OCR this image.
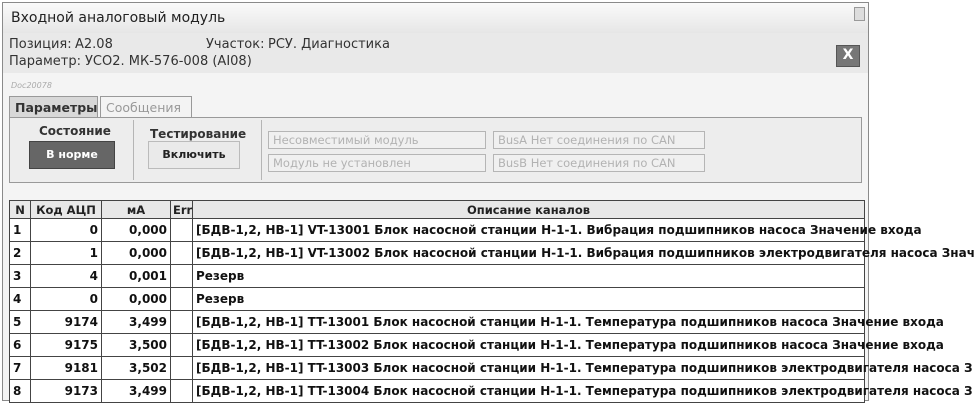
Входной аналоговый модуль
Позиция: A2.08	Участок: РСУ. Диагностика
Параметр: УСО2. МК-576-008 (AI08)	X
Doc20078
Параметры Сообщения
Состояние
В норме
Тестирование
Включить
Несовместимый модуль
Модуль не установлен
BusA Нет соединения по CAN
BusB Нет соединения по CAN
N	Код АЦП	мА	Err	Описание каналов
1	0	0,000		[БДВ-1,2, НВ-1] VT-13001 Блок насосной станции Н-1-1. Вибрация подшипников насоса Значение входа
2	1	0,000		[БДВ-1,2, НВ-1] VT-13002 Блок насосной станции Н-1-1. Вибрация подшипников электродвигателя насоса Знач
3	4	0,001		Резерв
4	0	0,000		Резерв
5	9174	3,499		[БДВ-1,2, НВ-1] TT-13001 Блок насосной станции Н-1-1. Температура подшипников насоса Значение входа
6	9175	3,500		[БДВ-1,2, НВ-1] TT-13002 Блок насосной станции Н-1-1. Температура подшипников насоса Значение входа
7	9181	3,502		[БДВ-1,2, НВ-1] TT-13003 Блок насосной станции Н-1-1. Температура подшипников электродвигателя насоса З
8	9173	3,499		[БДВ-1,2, НВ-1] TT-13004 Блок насосной станции Н-1-1. Температура подшипников электродвигателя насоса З
